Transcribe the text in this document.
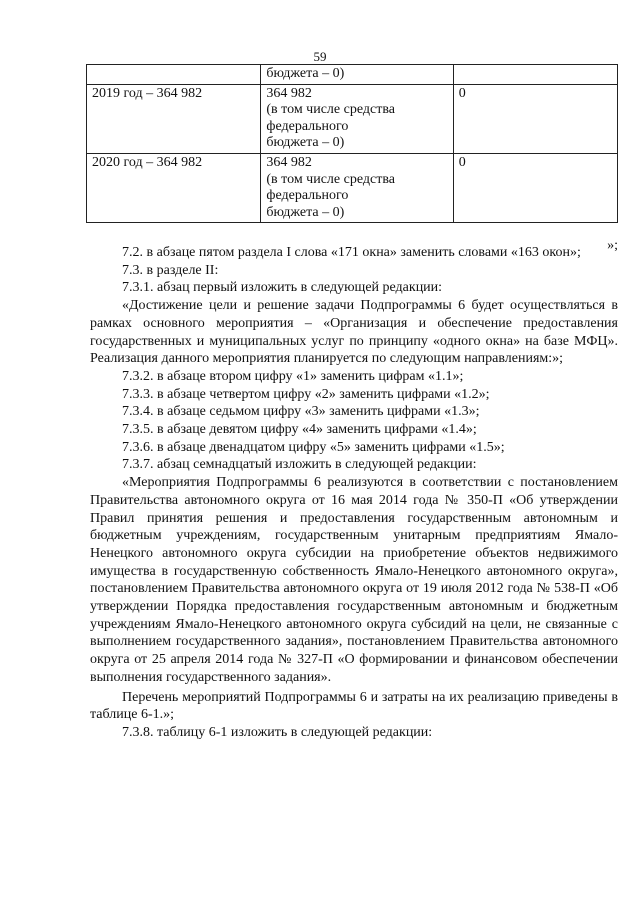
59

	бюджета – 0)	

2019 год – 364 982	364 982
(в том числе средства
федерального
бюджета – 0)	0
2020 год – 364 982	364 982
(в том числе средства
федерального
бюджета – 0)	0
»;

7.2. в абзаце пятом раздела I слова «171 окна» заменить словами «163 окон»;

7.3. в разделе II:

7.3.1. абзац первый изложить в следующей редакции:

«Достижение цели и решение задачи Подпрограммы 6 будет осуществляться в рамках основного мероприятия – «Организация и обеспечение предоставления государственных и муниципальных услуг по принципу «одного окна» на базе МФЦ». Реализация данного мероприятия планируется по следующим направлениям:»;

7.3.2. в абзаце втором цифру «1» заменить цифрам «1.1»;

7.3.3. в абзаце четвертом цифру «2» заменить цифрами «1.2»;

7.3.4. в абзаце седьмом цифру «3» заменить цифрами «1.3»;

7.3.5. в абзаце девятом цифру «4» заменить цифрами «1.4»;

7.3.6. в абзаце двенадцатом цифру «5» заменить цифрами «1.5»;

7.3.7. абзац семнадцатый изложить в следующей редакции:

«Мероприятия Подпрограммы 6 реализуются в соответствии с постановлением Правительства автономного округа от 16 мая 2014 года № 350-П «Об утверждении Правил принятия решения и предоставления государственным автономным и бюджетным учреждениям, государственным унитарным предприятиям Ямало-Ненецкого автономного округа субсидии на приобретение объектов недвижимого имущества в государственную собственность Ямало-Ненецкого автономного округа», постановлением Правительства автономного округа от 19 июля 2012 года № 538-П «Об утверждении Порядка предоставления государственным автономным и бюджетным учреждениям Ямало-Ненецкого автономного округа субсидий на цели, не связанные с выполнением государственного задания», постановлением Правительства автономного округа от 25 апреля 2014 года № 327-П «О формировании и финансовом обеспечении выполнения государственного задания».

Перечень мероприятий Подпрограммы 6 и затраты на их реализацию приведены в таблице 6-1.»;

7.3.8. таблицу 6-1 изложить в следующей редакции:
